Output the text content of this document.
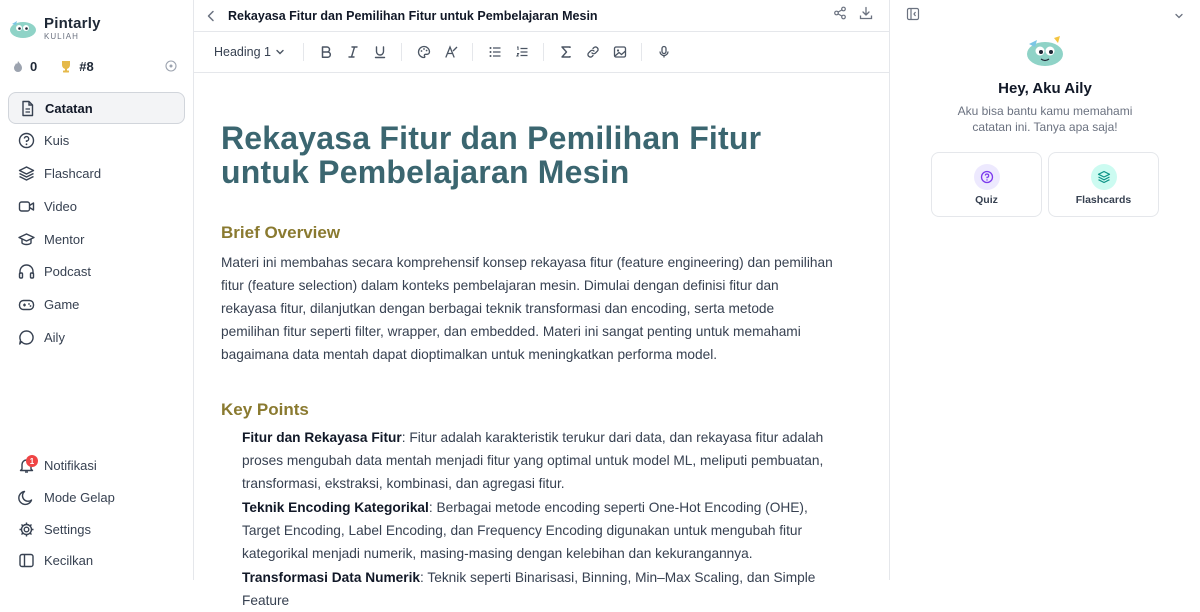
Pintarly
KULIAH
0	#8
Catatan
Kuis
Flashcard
Video
Mentor
Podcast
Game
Aily
1 Notifikasi
Mode Gelap
Settings
Kecilkan
Rekayasa Fitur dan Pemilihan Fitur untuk Pembelajaran Mesin
Heading 1
Rekayasa Fitur dan Pemilihan Fitur untuk Pembelajaran Mesin
Brief Overview

Materi ini membahas secara komprehensif konsep rekayasa fitur (feature engineering) dan pemilihan fitur (feature selection) dalam konteks pembelajaran mesin. Dimulai dengan definisi fitur dan rekayasa fitur, dilanjutkan dengan berbagai teknik transformasi dan encoding, serta metode pemilihan fitur seperti filter, wrapper, dan embedded. Materi ini sangat penting untuk memahami bagaimana data mentah dapat dioptimalkan untuk meningkatkan performa model.

Key Points
Fitur dan Rekayasa Fitur: Fitur adalah karakteristik terukur dari data, dan rekayasa fitur adalah proses mengubah data mentah menjadi fitur yang optimal untuk model ML, meliputi pembuatan, transformasi, ekstraksi, kombinasi, dan agregasi fitur.
Teknik Encoding Kategorikal: Berbagai metode encoding seperti One-Hot Encoding (OHE), Target Encoding, Label Encoding, dan Frequency Encoding digunakan untuk mengubah fitur kategorikal menjadi numerik, masing-masing dengan kelebihan dan kekurangannya.
Transformasi Data Numerik: Teknik seperti Binarisasi, Binning, Min–Max Scaling, dan Simple Feature
Hey, Aku Aily
Aku bisa bantu kamu memahami catatan ini. Tanya apa saja!
Quiz	Flashcards
